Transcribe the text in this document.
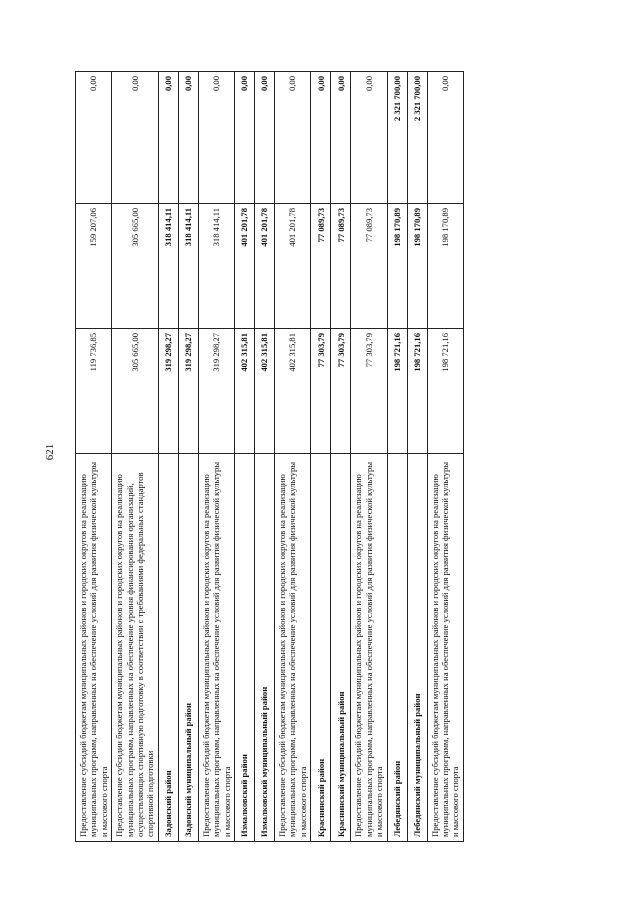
621
Предоставление субсидий бюджетам муниципальных районов и городских округов на реализацию муниципальных программ, направленных на обеспечение условий для развития физической культуры и массового спорта	119 736,85	159 207,06	0,00
Предоставление субсидии бюджетам муниципальных районов и городских округов на реализацию муниципальных программ, направленных на обеспечение уровня финансирования организаций, осуществляющих спортивную подготовку в соответствии с требованиями федеральных стандартов спортивной подготовки	305 665,00	305 665,00	0,00
Задонский район	319 298,27	318 414,11	0,00
Задонский муниципальный район	319 298,27	318 414,11	0,00
Предоставление субсидий бюджетам муниципальных районов и городских округов на реализацию муниципальных программ, направленных на обеспечение условий для развития физической культуры и массового спорта	319 298,27	318 414,11	0,00
Измалковский район	402 315,81	401 201,78	0,00
Измалковский муниципальный район	402 315,81	401 201,78	0,00
Предоставление субсидий бюджетам муниципальных районов и городских округов на реализацию муниципальных программ, направленных на обеспечение условий для развития физической культуры и массового спорта	402 315,81	401 201,78	0,00
Краснинский район	77 303,79	77 089,73	0,00
Краснинский муниципальный район	77 303,79	77 089,73	0,00
Предоставление субсидий бюджетам муниципальных районов и городских округов на реализацию муниципальных программ, направленных на обеспечение условий для развития физической культуры и массового спорта	77 303,79	77 089,73	0,00
Лебедянский район	198 721,16	198 170,89	2 321 700,00
Лебедянский муниципальный район	198 721,16	198 170,89	2 321 700,00
Предоставление субсидий бюджетам муниципальных районов и городских округов на реализацию муниципальных программ, направленных на обеспечение условий для развития физической культуры и массового спорта	198 721,16	198 170,89	0,00
